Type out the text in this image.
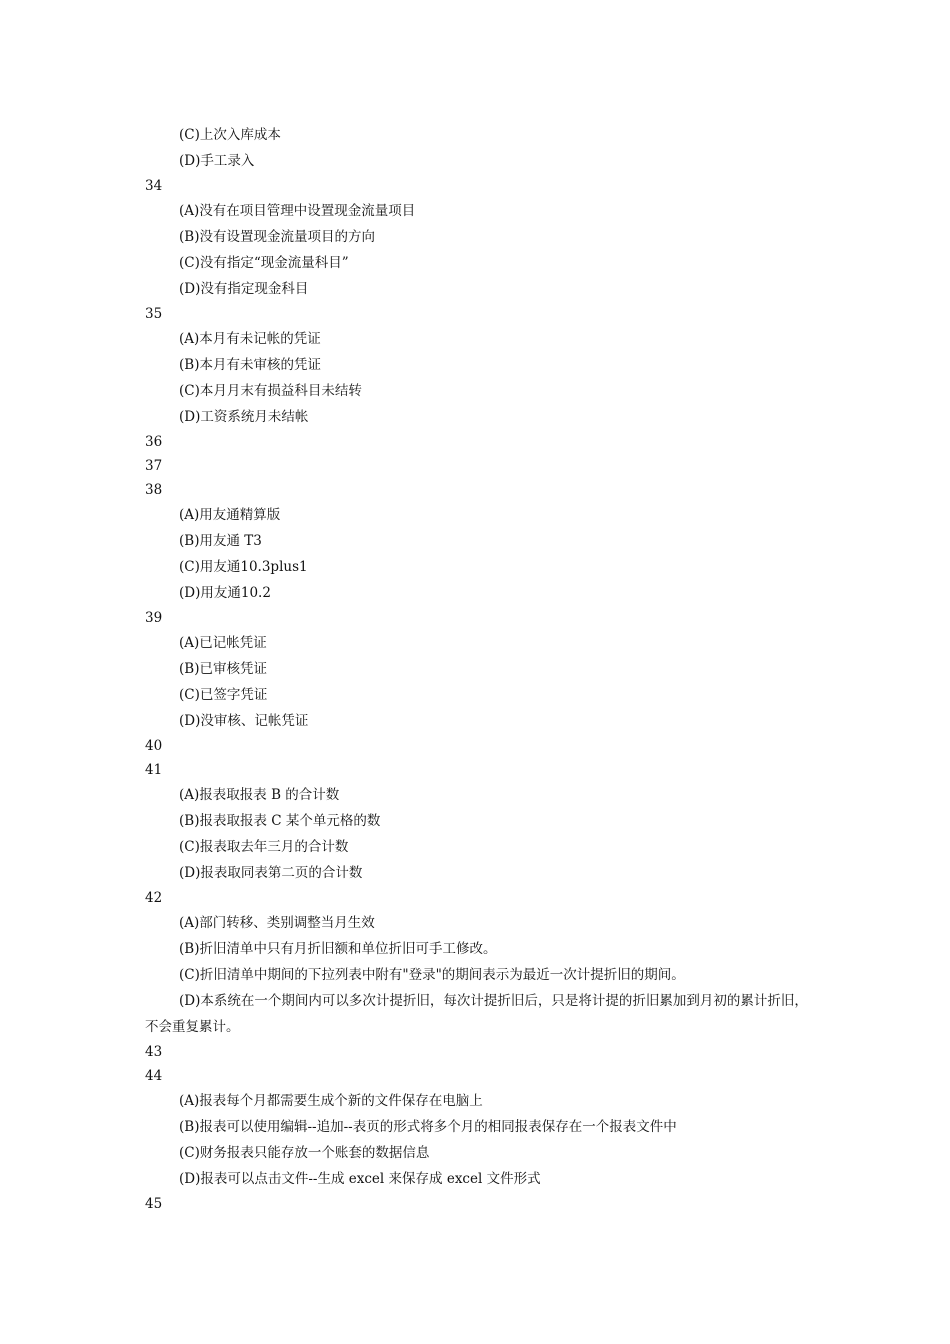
(C)上次入库成本
(D)手工录入
34
(A)没有在项目管理中设置现金流量项目
(B)没有设置现金流量项目的方向
(C)没有指定“现金流量科目”
(D)没有指定现金科目
35
(A)本月有未记帐的凭证
(B)本月有未审核的凭证
(C)本月月末有损益科目未结转
(D)工资系统月未结帐
36
37
38
(A)用友通精算版
(B)用友通 T3
(C)用友通10.3plus1
(D)用友通10.2
39
(A)已记帐凭证
(B)已审核凭证
(C)已签字凭证
(D)没审核、记帐凭证
40
41
(A)报表取报表 B 的合计数
(B)报表取报表 C 某个单元格的数
(C)报表取去年三月的合计数
(D)报表取同表第二页的合计数
42
(A)部门转移、类别调整当月生效
(B)折旧清单中只有月折旧额和单位折旧可手工修改。
(C)折旧清单中期间的下拉列表中附有"登录"的期间表示为最近一次计提折旧的期间。
(D)本系统在一个期间内可以多次计提折旧，每次计提折旧后，只是将计提的折旧累加到月初的累计折旧，不会重复累计。
43
44
(A)报表每个月都需要生成个新的文件保存在电脑上
(B)报表可以使用编辑--追加--表页的形式将多个月的相同报表保存在一个报表文件中
(C)财务报表只能存放一个账套的数据信息
(D)报表可以点击文件--生成 excel 来保存成 excel 文件形式
45
